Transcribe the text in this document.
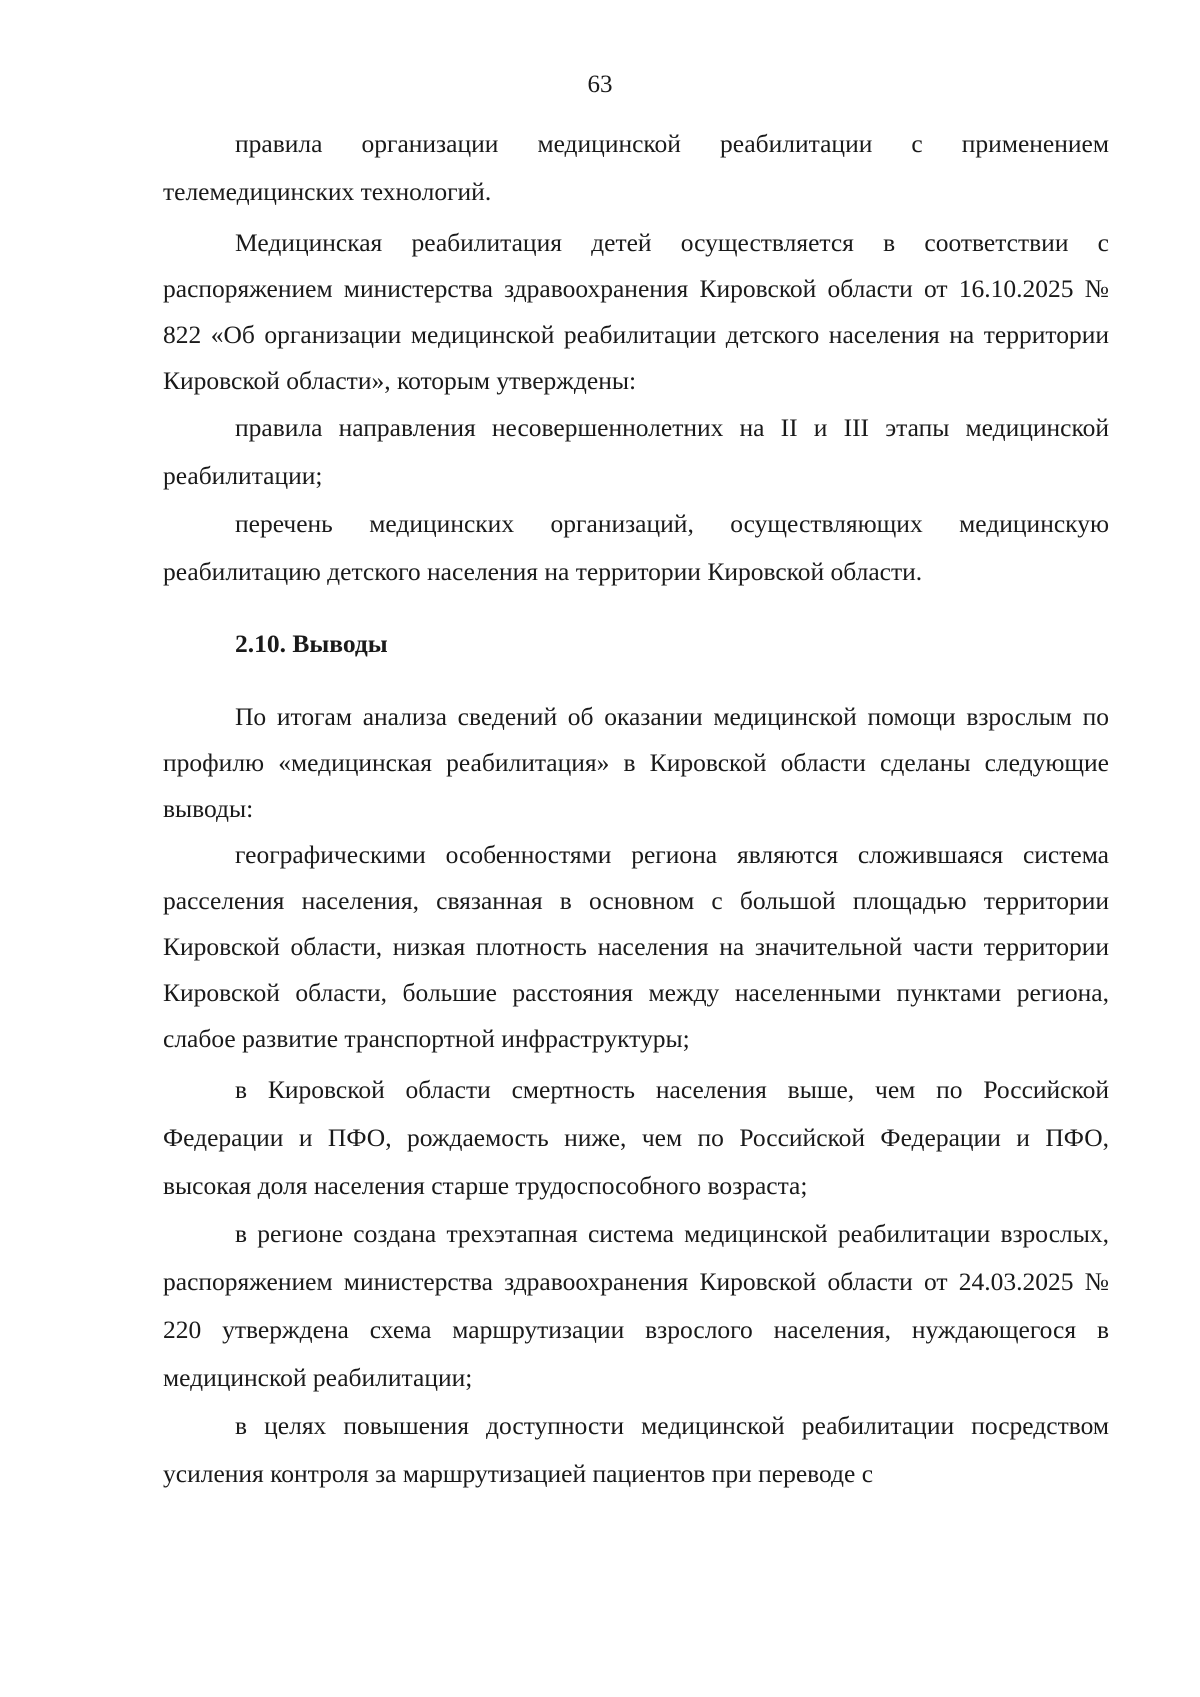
63

правила организации медицинской реабилитации с применением телемедицинских технологий.

Медицинская реабилитация детей осуществляется в соответствии с распоряжением министерства здравоохранения Кировской области от 16.10.2025 № 822 «Об организации медицинской реабилитации детского населения на территории Кировской области», которым утверждены:

правила направления несовершеннолетних на II и III этапы медицинской реабилитации;

перечень медицинских организаций, осуществляющих медицинскую реабилитацию детского населения на территории Кировской области.

2.10. Выводы

По итогам анализа сведений об оказании медицинской помощи взрослым по профилю «медицинская реабилитация» в Кировской области сделаны следующие выводы:

географическими особенностями региона являются сложившаяся система расселения населения, связанная в основном с большой площадью территории Кировской области, низкая плотность населения на значительной части территории Кировской области, большие расстояния между населенными пунктами региона, слабое развитие транспортной инфраструктуры;

в Кировской области смертность населения выше, чем по Российской Федерации и ПФО, рождаемость ниже, чем по Российской Федерации и ПФО, высокая доля населения старше трудоспособного возраста;

в регионе создана трехэтапная система медицинской реабилитации взрослых, распоряжением министерства здравоохранения Кировской области от 24.03.2025 № 220 утверждена схема маршрутизации взрослого населения, нуждающегося в медицинской реабилитации;

в целях повышения доступности медицинской реабилитации посредством усиления контроля за маршрутизацией пациентов при переводе с
